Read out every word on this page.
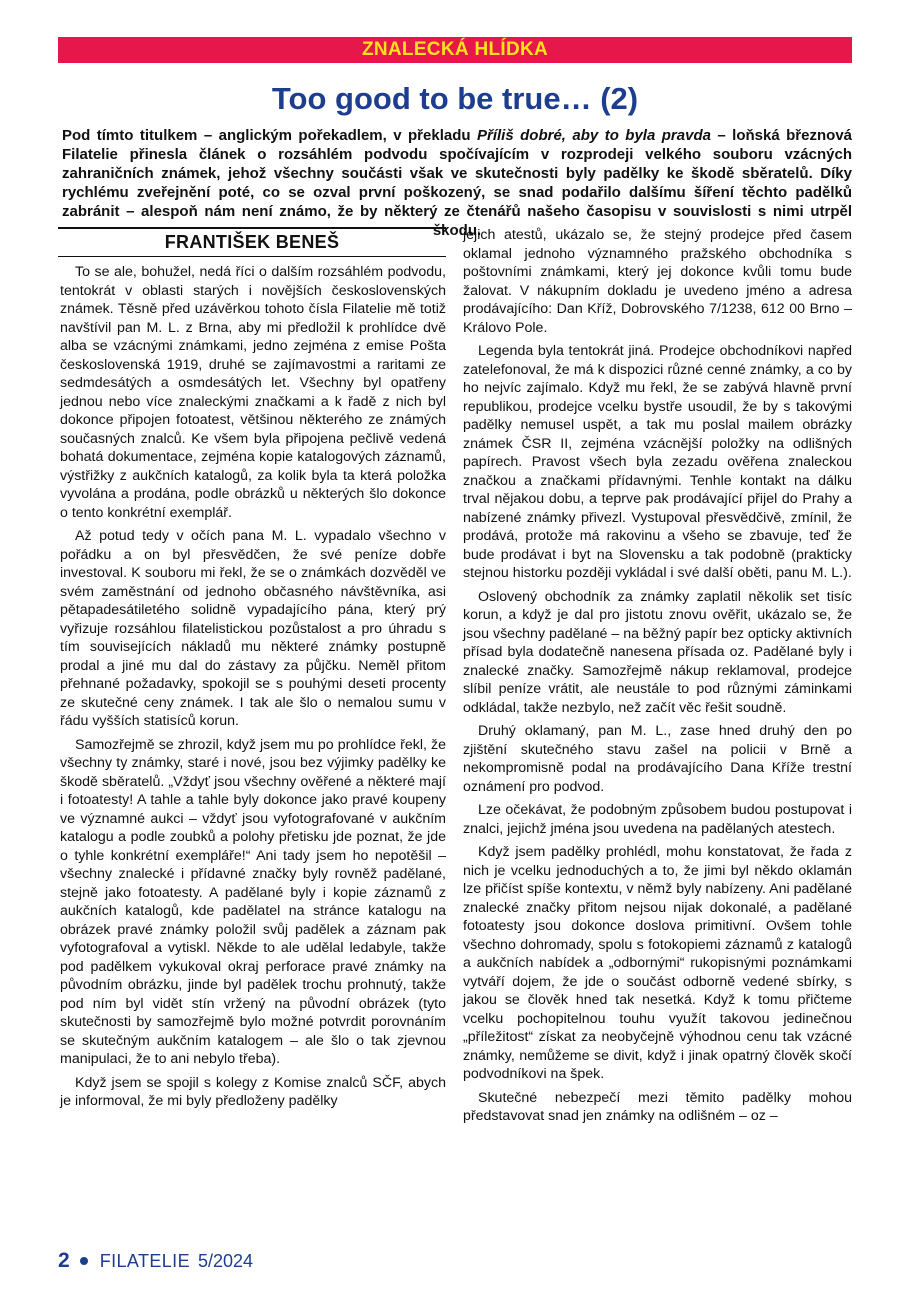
ZNALECKÁ HLÍDKA
Too good to be true… (2)

Pod tímto titulkem – anglickým pořekadlem, v překladu Příliš dobré, aby to byla pravda – loňská březnová Filatelie přinesla článek o rozsáhlém podvodu spočívajícím v rozprodeji velkého souboru vzácných zahraničních známek, jehož všechny součásti však ve skutečnosti byly padělky ke škodě sběratelů. Díky rychlému zveřejnění poté, co se ozval první poškozený, se snad podařilo dalšímu šíření těchto padělků zabránit – alespoň nám není známo, že by některý ze čtenářů našeho časopisu v souvislosti s nimi utrpěl škodu.

FRANTIŠEK BENEŠ

To se ale, bohužel, nedá říci o dalším rozsáhlém podvodu, tentokrát v oblasti starých i novějších československých známek. Těsně před uzávěrkou tohoto čísla Filatelie mě totiž navštívil pan M. L. z Brna, aby mi předložil k prohlídce dvě alba se vzácnými známkami, jedno zejména z emise Pošta československá 1919, druhé se zajímavostmi a raritami ze sedmdesátých a osmdesátých let. Všechny byl opatřeny jednou nebo více znaleckými značkami a k řadě z nich byl dokonce připojen fotoatest, většinou některého ze známých současných znalců. Ke všem byla připojena pečlivě vedená bohatá dokumentace, zejména kopie katalogových záznamů, výstřižky z aukčních katalogů, za kolik byla ta která položka vyvolána a prodána, podle obrázků u některých šlo dokonce o tento konkrétní exemplář.

Až potud tedy v očích pana M. L. vypadalo všechno v pořádku a on byl přesvědčen, že své peníze dobře investoval. K souboru mi řekl, že se o známkách dozvěděl ve svém zaměstnání od jednoho občasného návštěvníka, asi pětapadesátiletého solidně vypadajícího pána, který prý vyřizuje rozsáhlou filatelistickou pozůstalost a pro úhradu s tím souvisejících nákladů mu některé známky postupně prodal a jiné mu dal do zástavy za půjčku. Neměl přitom přehnané požadavky, spokojil se s pouhými deseti procenty ze skutečné ceny známek. I tak ale šlo o nemalou sumu v řádu vyšších statisíců korun.

Samozřejmě se zhrozil, když jsem mu po prohlídce řekl, že všechny ty známky, staré i nové, jsou bez výjimky padělky ke škodě sběratelů. „Vždyť jsou všechny ověřené a některé mají i fotoatesty! A tahle a tahle byly dokonce jako pravé koupeny ve významné aukci – vždyť jsou vyfotografované v aukčním katalogu a podle zoubků a polohy přetisku jde poznat, že jde o tyhle konkrétní exempláře!“ Ani tady jsem ho nepotěšil – všechny znalecké i přídavné značky byly rovněž padělané, stejně jako fotoatesty. A padělané byly i kopie záznamů z aukčních katalogů, kde padělatel na stránce katalogu na obrázek pravé známky položil svůj padělek a záznam pak vyfotografoval a vytiskl. Někde to ale udělal ledabyle, takže pod padělkem vykukoval okraj perforace pravé známky na původním obrázku, jinde byl padělek trochu prohnutý, takže pod ním byl vidět stín vržený na původní obrázek (tyto skutečnosti by samozřejmě bylo možné potvrdit porovnáním se skutečným aukčním katalogem – ale šlo o tak zjevnou manipulaci, že to ani nebylo třeba).

Když jsem se spojil s kolegy z Komise znalců SČF, abych je informoval, že mi byly předloženy padělky

jejich atestů, ukázalo se, že stejný prodejce před časem oklamal jednoho významného pražského obchodníka s poštovními známkami, který jej dokonce kvůli tomu bude žalovat. V nákupním dokladu je uvedeno jméno a adresa prodávajícího: Dan Kříž, Dobrovského 7/1238, 612 00 Brno – Královo Pole.

Legenda byla tentokrát jiná. Prodejce obchodníkovi napřed zatelefonoval, že má k dispozici různé cenné známky, a co by ho nejvíc zajímalo. Když mu řekl, že se zabývá hlavně první republikou, prodejce vcelku bystře usoudil, že by s takovými padělky nemusel uspět, a tak mu poslal mailem obrázky známek ČSR II, zejména vzácnější položky na odlišných papírech. Pravost všech byla zezadu ověřena znaleckou značkou a značkami přídavnými. Tenhle kontakt na dálku trval nějakou dobu, a teprve pak prodávající přijel do Prahy a nabízené známky přivezl. Vystupoval přesvědčivě, zmínil, že prodává, protože má rakovinu a všeho se zbavuje, teď že bude prodávat i byt na Slovensku a tak podobně (prakticky stejnou historku později vykládal i své další oběti, panu M. L.).

Oslovený obchodník za známky zaplatil několik set tisíc korun, a když je dal pro jistotu znovu ověřit, ukázalo se, že jsou všechny padělané – na běžný papír bez opticky aktivních přísad byla dodatečně nanesena přísada oz. Padělané byly i znalecké značky. Samozřejmě nákup reklamoval, prodejce slíbil peníze vrátit, ale neustále to pod různými záminkami odkládal, takže nezbylo, než začít věc řešit soudně.

Druhý oklamaný, pan M. L., zase hned druhý den po zjištění skutečného stavu zašel na policii v Brně a nekompromisně podal na prodávajícího Dana Kříže trestní oznámení pro podvod.

Lze očekávat, že podobným způsobem budou postupovat i znalci, jejichž jména jsou uvedena na padělaných atestech.

Když jsem padělky prohlédl, mohu konstatovat, že řada z nich je vcelku jednoduchých a to, že jimi byl někdo oklamán lze přičíst spíše kontextu, v němž byly nabízeny. Ani padělané znalecké značky přitom nejsou nijak dokonalé, a padělané fotoatesty jsou dokonce doslova primitivní. Ovšem tohle všechno dohromady, spolu s fotokopiemi záznamů z katalogů a aukčních nabídek a „odbornými“ rukopisnými poznámkami vytváří dojem, že jde o součást odborně vedené sbírky, s jakou se člověk hned tak nesetká. Když k tomu přičteme vcelku pochopitelnou touhu využít takovou jedinečnou „příležitost“ získat za neobyčejně výhodnou cenu tak vzácné známky, nemůžeme se divit, když i jinak opatrný člověk skočí podvodníkovi na špek.

Skutečné nebezpečí mezi těmito padělky mohou představovat snad jen známky na odlišném – oz –

2 FILATELIE 5/2024
